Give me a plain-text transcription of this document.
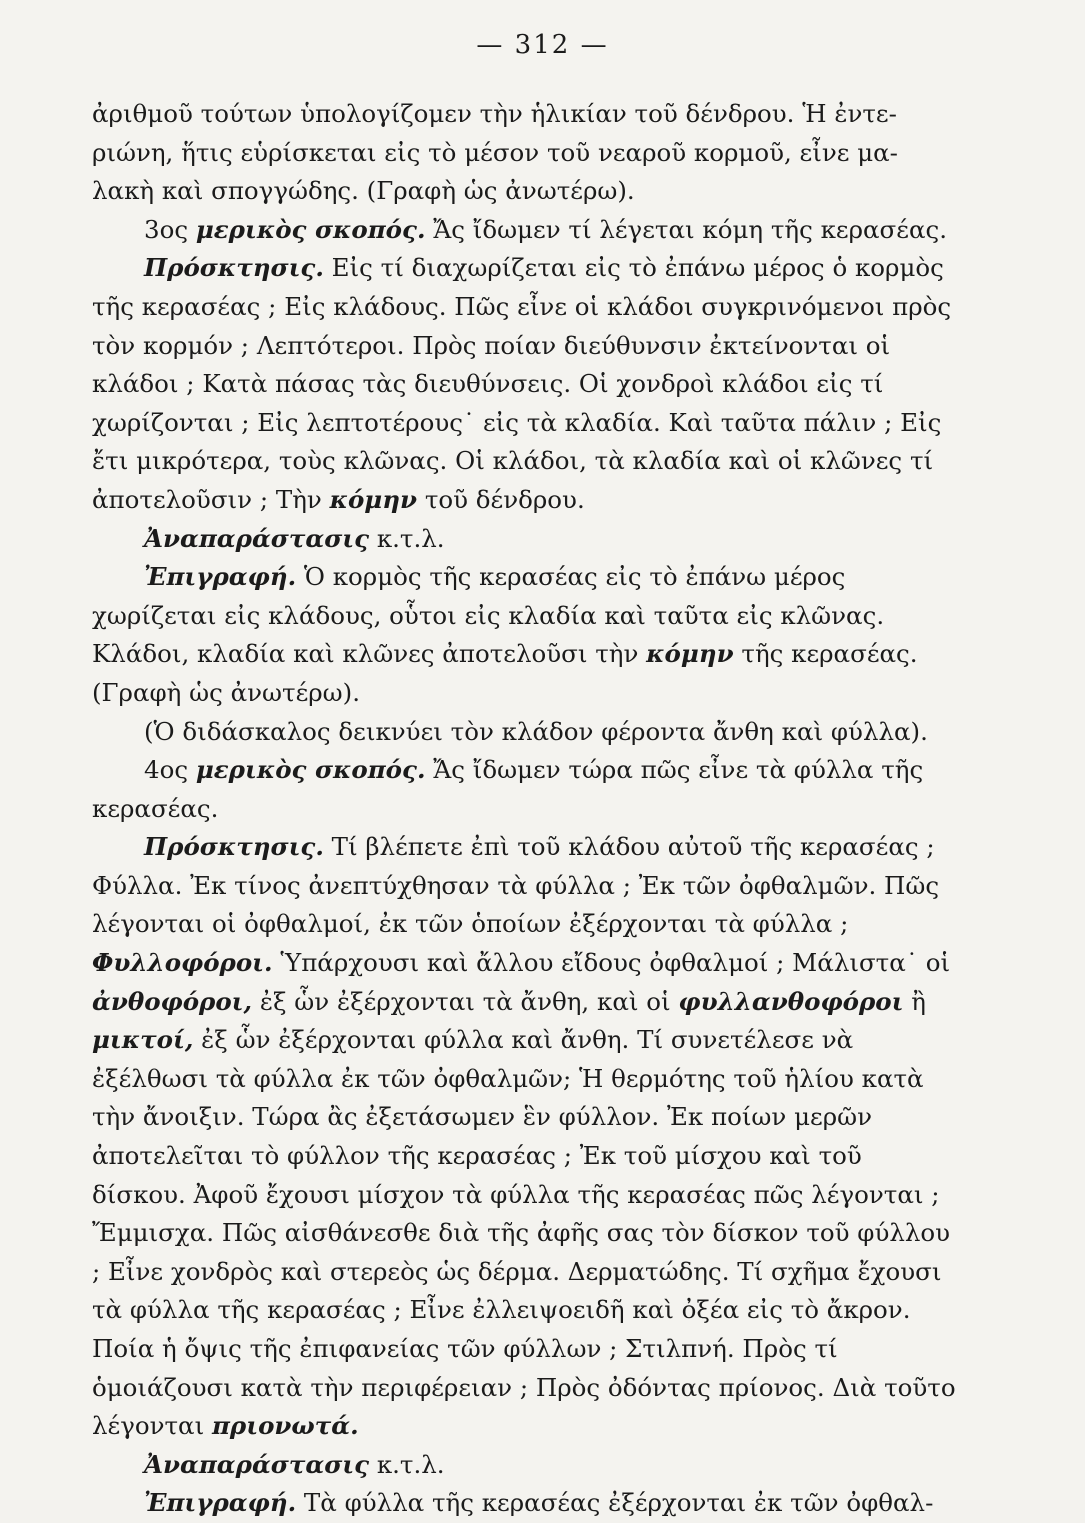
— 312 —

ἀριθμοῦ τούτων ὑπολογίζομεν τὴν ἡλικίαν τοῦ δένδρου. Ἡ ἐντε-
ριώνη, ἥτις εὑρίσκεται εἰς τὸ μέσον τοῦ νεαροῦ κορμοῦ, εἶνε μα-
λακὴ καὶ σπογγώδης. (Γραφὴ ὡς ἀνωτέρω).

3ος μερικὸς σκοπός. Ἄς ἴδωμεν τί λέγεται κόμη τῆς κερασέας.

Πρόσκτησις. Εἰς τί διαχωρίζεται εἰς τὸ ἐπάνω μέρος ὁ κορμὸς τῆς κερασέας ; Εἰς κλάδους. Πῶς εἶνε οἱ κλάδοι συγκρινόμενοι πρὸς τὸν κορμόν ; Λεπτότεροι. Πρὸς ποίαν διεύθυνσιν ἐκτείνονται οἱ κλάδοι ; Κατὰ πάσας τὰς διευθύνσεις. Οἱ χονδροὶ κλάδοι εἰς τί χωρίζονται ; Εἰς λεπτοτέρους˙ εἰς τὰ κλαδία. Καὶ ταῦτα πάλιν ; Εἰς ἔτι μικρότερα, τοὺς κλῶνας. Οἱ κλάδοι, τὰ κλαδία καὶ οἱ κλῶνες τί ἀποτελοῦσιν ; Τὴν κόμην τοῦ δένδρου.

Ἀναπαράστασις κ.τ.λ.

Ἐπιγραφή. Ὁ κορμὸς τῆς κερασέας εἰς τὸ ἐπάνω μέρος χωρίζεται εἰς κλάδους, οὗτοι εἰς κλαδία καὶ ταῦτα εἰς κλῶνας. Κλάδοι, κλαδία καὶ κλῶνες ἀποτελοῦσι τὴν κόμην τῆς κερασέας. (Γραφὴ ὡς ἀνωτέρω).

(Ὁ διδάσκαλος δεικνύει τὸν κλάδον φέροντα ἄνθη καὶ φύλλα).

4ος μερικὸς σκοπός. Ἄς ἴδωμεν τώρα πῶς εἶνε τὰ φύλλα τῆς κερασέας.

Πρόσκτησις. Τί βλέπετε ἐπὶ τοῦ κλάδου αὐτοῦ τῆς κερασέας ; Φύλλα. Ἐκ τίνος ἀνεπτύχθησαν τὰ φύλλα ; Ἐκ τῶν ὀφθαλμῶν. Πῶς λέγονται οἱ ὀφθαλμοί, ἐκ τῶν ὁποίων ἐξέρχονται τὰ φύλλα ; Φυλλοφόροι. Ὑπάρχουσι καὶ ἄλλου εἴδους ὀφθαλμοί ; Μάλιστα˙ οἱ ἀνθοφόροι, ἐξ ὧν ἐξέρχονται τὰ ἄνθη, καὶ οἱ φυλλανθοφόροι ἢ μικτοί, ἐξ ὧν ἐξέρχονται φύλλα καὶ ἄνθη. Τί συνετέλεσε νὰ ἐξέλθωσι τὰ φύλλα ἐκ τῶν ὀφθαλμῶν; Ἡ θερμότης τοῦ ἡλίου κατὰ τὴν ἄνοιξιν. Τώρα ἂς ἐξετάσωμεν ἓν φύλλον. Ἐκ ποίων μερῶν ἀποτελεῖται τὸ φύλλον τῆς κερασέας ; Ἐκ τοῦ μίσχου καὶ τοῦ δίσκου. Ἀφοῦ ἔχουσι μίσχον τὰ φύλλα τῆς κερασέας πῶς λέγονται ; Ἔμμισχα. Πῶς αἰσθάνεσθε διὰ τῆς ἀφῆς σας τὸν δίσκον τοῦ φύλλου ; Εἶνε χονδρὸς καὶ στερεὸς ὡς δέρμα. Δερματώδης. Τί σχῆμα ἔχουσι τὰ φύλλα τῆς κερασέας ; Εἶνε ἐλλειψοειδῆ καὶ ὀξέα εἰς τὸ ἄκρον. Ποία ἡ ὄψις τῆς ἐπιφανείας τῶν φύλλων ; Στιλπνή. Πρὸς τί ὁμοιάζουσι κατὰ τὴν περιφέρειαν ; Πρὸς ὀδόντας πρίονος. Διὰ τοῦτο λέγονται πριονωτά.

Ἀναπαράστασις κ.τ.λ.

Ἐπιγραφή. Τὰ φύλλα τῆς κερασέας ἐξέρχονται ἐκ τῶν ὀφθαλ-
